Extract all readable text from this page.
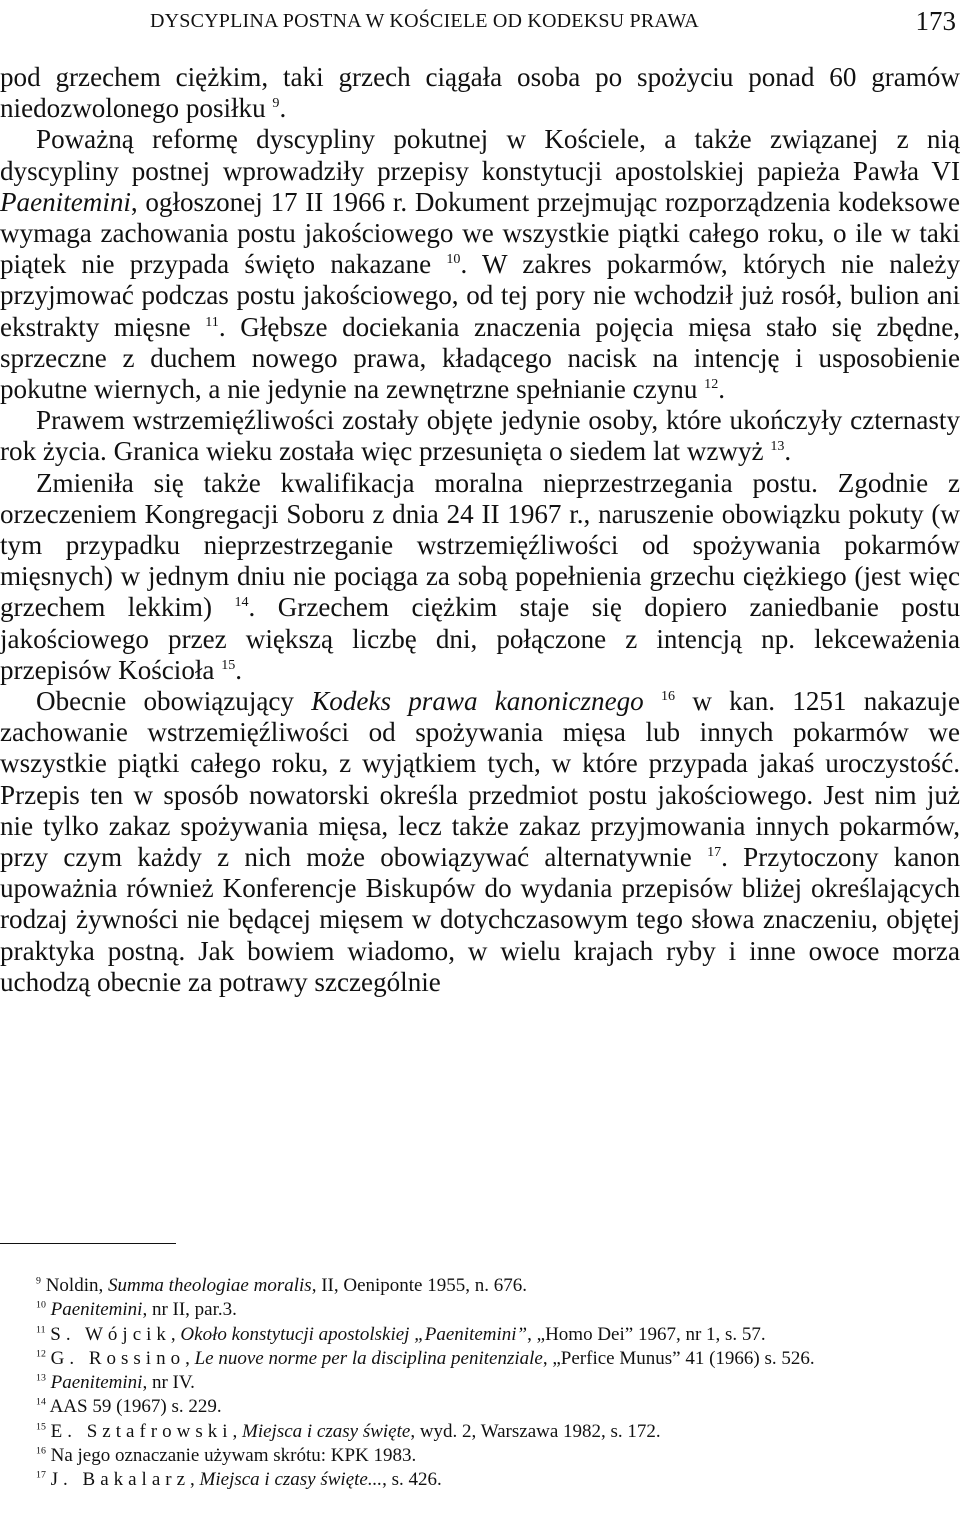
DYSCYPLINA POSTNA W KOŚCIELE OD KODEKSU PRAWA	173

pod grzechem ciężkim, taki grzech ciągała osoba po spożyciu ponad 60 gramów niedozwolonego posiłku $^9$.

Poważną reformę dyscypliny pokutnej w Kościele, a także związanej z nią dyscypliny postnej wprowadziły przepisy konstytucji apostolskiej papieża Pawła VI Paenitemini, ogłoszonej 17 II 1966 r. Dokument przejmując rozporządzenia kodeksowe wymaga zachowania postu jakościowego we wszystkie piątki całego roku, o ile w taki piątek nie przypada święto nakazane $^{10}$. W zakres pokarmów, których nie należy przyjmować podczas postu jakościowego, od tej pory nie wchodził już rosół, bulion ani ekstrakty mięsne $^{11}$. Głębsze dociekania znaczenia pojęcia mięsa stało się zbędne, sprzeczne z duchem nowego prawa, kładącego nacisk na intencję i usposobienie pokutne wiernych, a nie jedynie na zewnętrzne spełnianie czynu $^{12}$.

Prawem wstrzemięźliwości zostały objęte jedynie osoby, które ukończyły czternasty rok życia. Granica wieku została więc przesunięta o siedem lat wzwyż $^{13}$.

Zmieniła się także kwalifikacja moralna nieprzestrzegania postu. Zgodnie z orzeczeniem Kongregacji Soboru z dnia 24 II 1967 r., naruszenie obowiązku pokuty (w tym przypadku nieprzestrzeganie wstrzemięźliwości od spożywania pokarmów mięsnych) w jednym dniu nie pociąga za sobą popełnienia grzechu ciężkiego (jest więc grzechem lekkim) $^{14}$. Grzechem ciężkim staje się dopiero zaniedbanie postu jakościowego przez większą liczbę dni, połączone z intencją np. lekceważenia przepisów Kościoła $^{15}$.

Obecnie obowiązujący Kodeks prawa kanonicznego $^{16}$ w kan. 1251 nakazuje zachowanie wstrzemięźliwości od spożywania mięsa lub innych pokarmów we wszystkie piątki całego roku, z wyjątkiem tych, w które przypada jakaś uroczystość. Przepis ten w sposób nowatorski określa przedmiot postu jakościowego. Jest nim już nie tylko zakaz spożywania mięsa, lecz także zakaz przyjmowania innych pokarmów, przy czym każdy z nich może obowiązywać alternatywnie $^{17}$. Przytoczony kanon upoważnia również Konferencje Biskupów do wydania przepisów bliżej określających rodzaj żywności nie będącej mięsem w dotychczasowym tego słowa znaczeniu, objętej praktyka postną. Jak bowiem wiadomo, w wielu krajach ryby i inne owoce morza uchodzą obecnie za potrawy szczególnie

$^9$ Noldin, Summa theologiae moralis, II, Oeniponte 1955, n. 676.

$^{10}$ Paenitemini, nr II, par.3.

$^{11}$ S. Wójcik, Około konstytucji apostolskiej „Paenitemini”, „Homo Dei” 1967, nr 1, s. 57.

$^{12}$ G. Rossino, Le nuove norme per la disciplina penitenziale, „Perfice Munus” 41 (1966) s. 526.

$^{13}$ Paenitemini, nr IV.

$^{14}$ AAS 59 (1967) s. 229.

$^{15}$ E. Sztafrowski, Miejsca i czasy święte, wyd. 2, Warszawa 1982, s. 172.

$^{16}$ Na jego oznaczanie używam skrótu: KPK 1983.

$^{17}$ J. Bakalarz, Miejsca i czasy święte..., s. 426.
